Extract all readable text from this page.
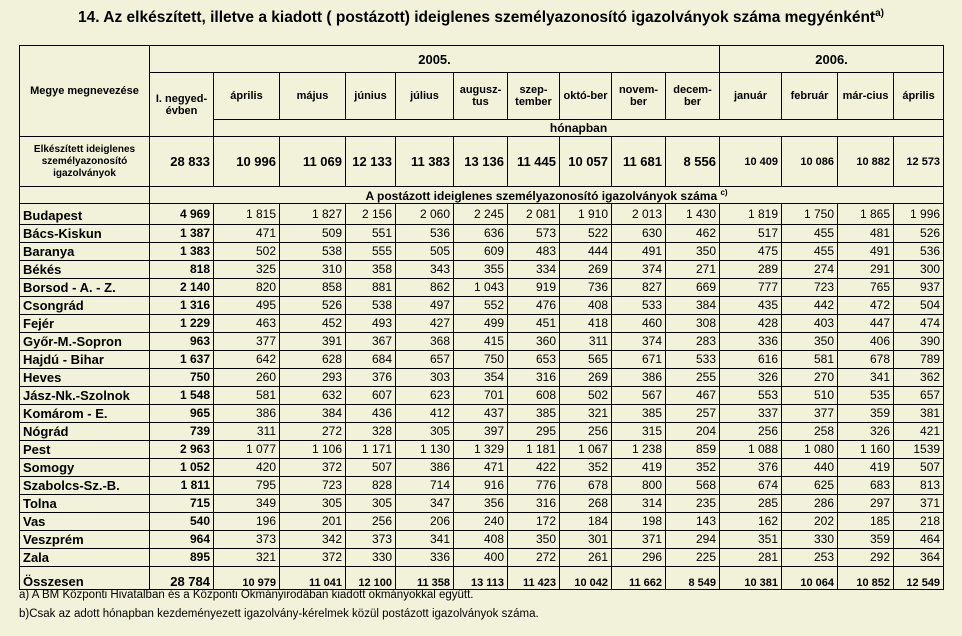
14. Az elkészített, illetve a kiadott ( postázott) ideiglenes személyazonosító igazolványok száma megyénként$^{a)}$
Megye megnevezése	2005.										2006.			
	I. negyed-évben	április	május	június	július	augusz-tus	szep-tember	októ-ber	novem-ber	decem-ber	január	február	már-cius	április
		hónapban												
Elkészített ideiglenes személyazonosító igazolványok	28 833	10 996	11 069	12 133	11 383	13 136	11 445	10 057	11 681	8 556	10 409	10 086	10 882	12 573
	A postázott ideiglenes személyazonosító igazolványok száma $^{c)}$
Budapest	4 969	1 815	1 827	2 156	2 060	2 245	2 081	1 910	2 013	1 430	1 819	1 750	1 865	1 996
Bács-Kiskun	1 387	471	509	551	536	636	573	522	630	462	517	455	481	526
Baranya	1 383	502	538	555	505	609	483	444	491	350	475	455	491	536
Békés	818	325	310	358	343	355	334	269	374	271	289	274	291	300
Borsod - A. - Z.	2 140	820	858	881	862	1 043	919	736	827	669	777	723	765	937
Csongrád	1 316	495	526	538	497	552	476	408	533	384	435	442	472	504
Fejér	1 229	463	452	493	427	499	451	418	460	308	428	403	447	474
Győr-M.-Sopron	963	377	391	367	368	415	360	311	374	283	336	350	406	390
Hajdú - Bihar	1 637	642	628	684	657	750	653	565	671	533	616	581	678	789
Heves	750	260	293	376	303	354	316	269	386	255	326	270	341	362
Jász-Nk.-Szolnok	1 548	581	632	607	623	701	608	502	567	467	553	510	535	657
Komárom - E.	965	386	384	436	412	437	385	321	385	257	337	377	359	381
Nógrád	739	311	272	328	305	397	295	256	315	204	256	258	326	421
Pest	2 963	1 077	1 106	1 171	1 130	1 329	1 181	1 067	1 238	859	1 088	1 080	1 160	1539
Somogy	1 052	420	372	507	386	471	422	352	419	352	376	440	419	507
Szabolcs-Sz.-B.	1 811	795	723	828	714	916	776	678	800	568	674	625	683	813
Tolna	715	349	305	305	347	356	316	268	314	235	285	286	297	371
Vas	540	196	201	256	206	240	172	184	198	143	162	202	185	218
Veszprém	964	373	342	373	341	408	350	301	371	294	351	330	359	464
Zala	895	321	372	330	336	400	272	261	296	225	281	253	292	364
Összesen	28 784	10 979	11 041	12 100	11 358	13 113	11 423	10 042	11 662	8 549	10 381	10 064	10 852	12 549
a) A BM Központi Hivatalban és a Központi Okmányirodában kiadott okmányokkal együtt.
b)Csak az adott hónapban kezdeményezett igazolvány-kérelmek közül postázott igazolványok száma.
